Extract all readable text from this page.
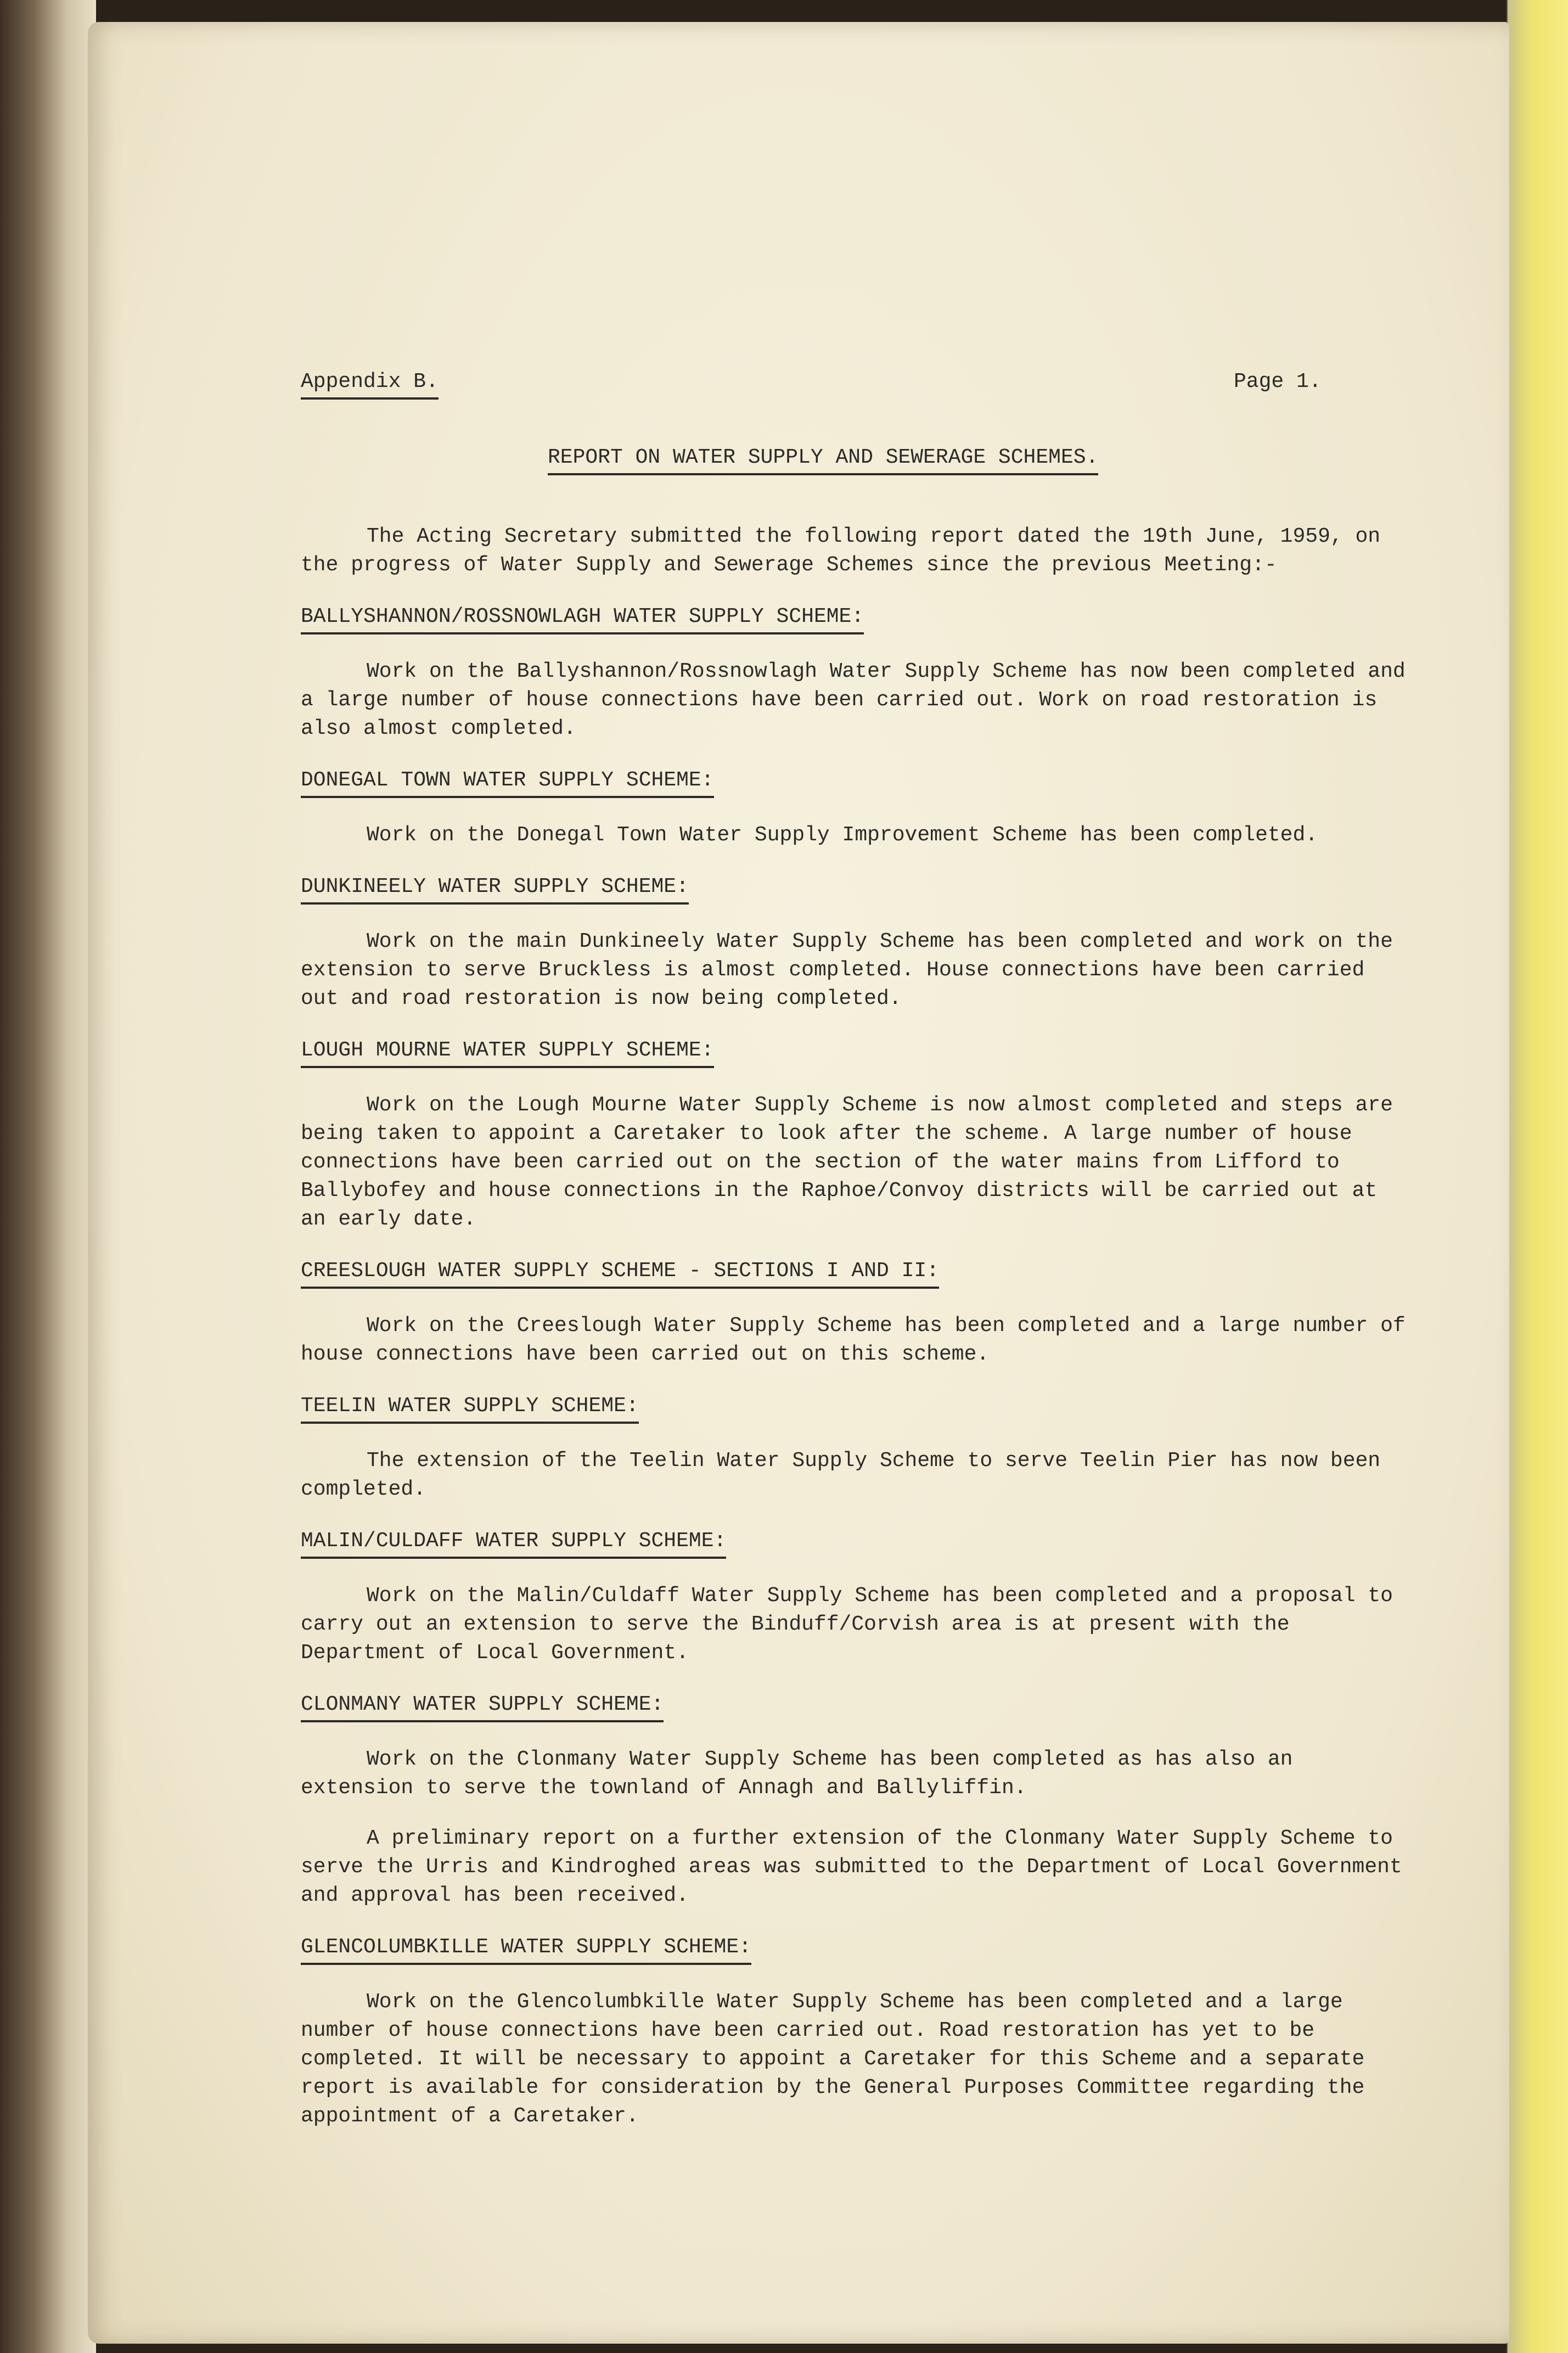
Appendix B.	Page 1.
REPORT ON WATER SUPPLY AND SEWERAGE SCHEMES.
The Acting Secretary submitted the following report dated the 19th June, 1959, on the progress of Water Supply and Sewerage Schemes since the previous Meeting:-
BALLYSHANNON/ROSSNOWLAGH WATER SUPPLY SCHEME:

Work on the Ballyshannon/Rossnowlagh Water Supply Scheme has now been completed and a large number of house connections have been carried out. Work on road restoration is also almost completed.

DONEGAL TOWN WATER SUPPLY SCHEME:

Work on the Donegal Town Water Supply Improvement Scheme has been completed.

DUNKINEELY WATER SUPPLY SCHEME:

Work on the main Dunkineely Water Supply Scheme has been completed and work on the extension to serve Bruckless is almost completed. House connections have been carried out and road restoration is now being completed.

LOUGH MOURNE WATER SUPPLY SCHEME:

Work on the Lough Mourne Water Supply Scheme is now almost completed and steps are being taken to appoint a Caretaker to look after the scheme. A large number of house connections have been carried out on the section of the water mains from Lifford to Ballybofey and house connections in the Raphoe/Convoy districts will be carried out at an early date.

CREESLOUGH WATER SUPPLY SCHEME - SECTIONS I AND II:

Work on the Creeslough Water Supply Scheme has been completed and a large number of house connections have been carried out on this scheme.

TEELIN WATER SUPPLY SCHEME:

The extension of the Teelin Water Supply Scheme to serve Teelin Pier has now been completed.

MALIN/CULDAFF WATER SUPPLY SCHEME:

Work on the Malin/Culdaff Water Supply Scheme has been completed and a proposal to carry out an extension to serve the Binduff/Corvish area is at present with the Department of Local Government.

CLONMANY WATER SUPPLY SCHEME:

Work on the Clonmany Water Supply Scheme has been completed as has also an extension to serve the townland of Annagh and Ballyliffin.

A preliminary report on a further extension of the Clonmany Water Supply Scheme to serve the Urris and Kindroghed areas was submitted to the Department of Local Government and approval has been received.

GLENCOLUMBKILLE WATER SUPPLY SCHEME:

Work on the Glencolumbkille Water Supply Scheme has been completed and a large number of house connections have been carried out. Road restoration has yet to be completed. It will be necessary to appoint a Caretaker for this Scheme and a separate report is available for consideration by the General Purposes Committee regarding the appointment of a Caretaker.
